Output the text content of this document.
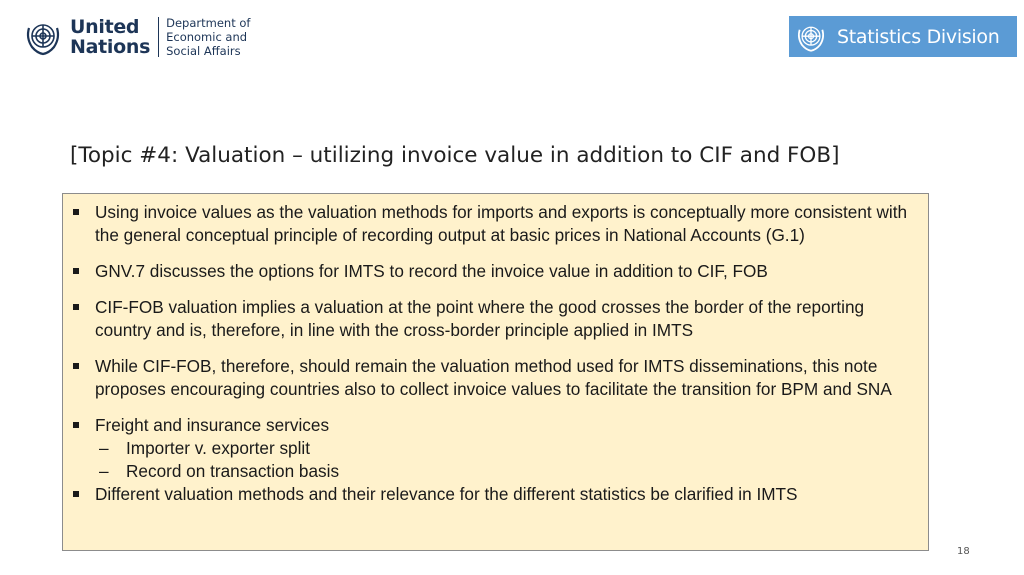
United
Nations
Department of
Economic and
Social Affairs
Statistics Division
[Topic #4: Valuation – utilizing invoice value in addition to CIF and FOB]
Using invoice values as the valuation methods for imports and exports is conceptually more consistent with the general conceptual principle of recording output at basic prices in National Accounts (G.1)
GNV.7 discusses the options for IMTS to record the invoice value in addition to CIF, FOB
CIF-FOB valuation implies a valuation at the point where the good crosses the border of the reporting country and is, therefore, in line with the cross-border principle applied in IMTS
While CIF-FOB, therefore, should remain the valuation method used for IMTS disseminations, this note proposes encouraging countries also to collect invoice values to facilitate the transition for BPM and SNA
Freight and insurance services
– Importer v. exporter split
– Record on transaction basis
Different valuation methods and their relevance for the different statistics be clarified in IMTS
18
